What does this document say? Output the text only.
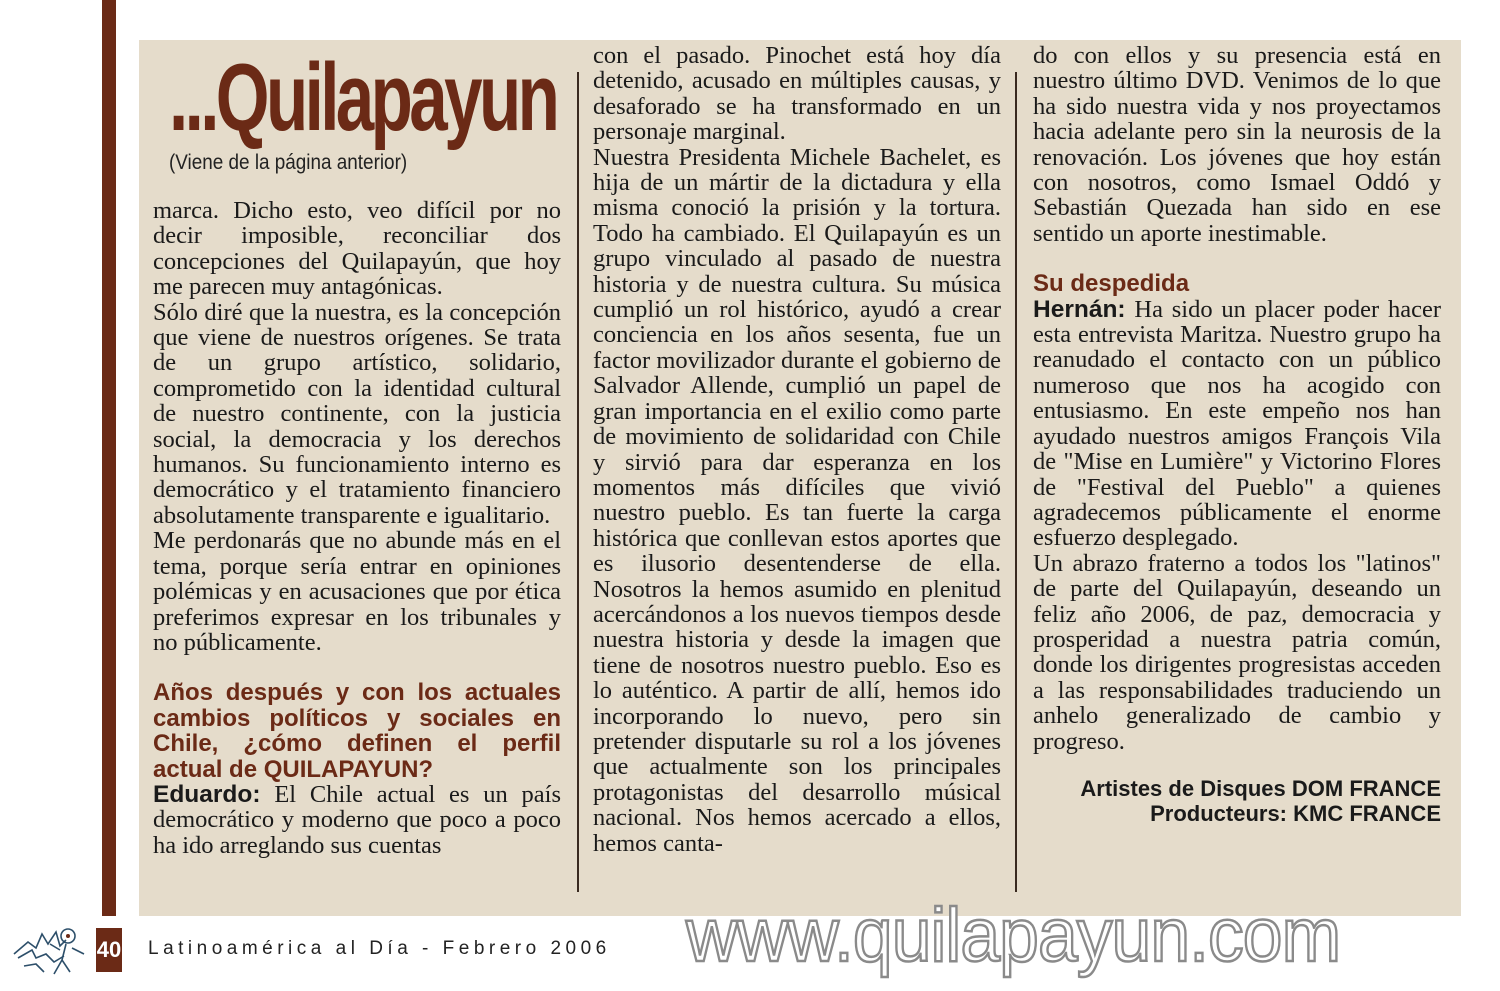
...Quilapayun
(Viene de la página anterior)

marca. Dicho esto, veo difícil por no decir imposible, reconciliar dos concepciones del Quilapayún, que hoy me parecen muy antagónicas.

Sólo diré que la nuestra, es la concepción que viene de nuestros orígenes. Se trata de un grupo artístico, solidario, comprometido con la identidad cultural de nuestro continente, con la justicia social, la democracia y los derechos humanos. Su funcionamiento interno es democrático y el tratamiento financiero absolutamente transparente e igualitario.

Me perdonarás que no abunde más en el tema, porque sería entrar en opiniones polémicas y en acusaciones que por ética preferimos expresar en los tribunales y no públicamente.

Años después y con los actuales cambios políticos y sociales en Chile, ¿cómo definen el perfil actual de QUILAPAYUN?

Eduardo: El Chile actual es un país democrático y moderno que poco a poco ha ido arreglando sus cuentas

con el pasado. Pinochet está hoy día detenido, acusado en múltiples causas, y desaforado se ha transformado en un personaje marginal.

Nuestra Presidenta Michele Bachelet, es hija de un mártir de la dictadura y ella misma conoció la prisión y la tortura. Todo ha cambiado. El Quilapayún es un grupo vinculado al pasado de nuestra historia y de nuestra cultura. Su música cumplió un rol histórico, ayudó a crear conciencia en los años sesenta, fue un factor movilizador durante el gobierno de Salvador Allende, cumplió un papel de gran importancia en el exilio como parte de movimiento de solidaridad con Chile y sirvió para dar esperanza en los momentos más difíciles que vivió nuestro pueblo. Es tan fuerte la carga histórica que conllevan estos aportes que es ilusorio desentenderse de ella. Nosotros la hemos asumido en plenitud acercándonos a los nuevos tiempos desde nuestra historia y desde la imagen que tiene de nosotros nuestro pueblo. Eso es lo auténtico. A partir de allí, hemos ido incorporando lo nuevo, pero sin pretender disputarle su rol a los jóvenes que actualmente son los principales protagonistas del desarrollo músical nacional. Nos hemos acercado a ellos, hemos canta-

do con ellos y su presencia está en nuestro último DVD. Venimos de lo que ha sido nuestra vida y nos proyectamos hacia adelante pero sin la neurosis de la renovación. Los jóvenes que hoy están con nosotros, como Ismael Oddó y Sebastián Quezada han sido en ese sentido un aporte inestimable.

Su despedida

Hernán: Ha sido un placer poder hacer esta entrevista Maritza. Nuestro grupo ha reanudado el contacto con un público numeroso que nos ha acogido con entusiasmo. En este empeño nos han ayudado nuestros amigos François Vila de "Mise en Lumière" y Victorino Flores de "Festival del Pueblo" a quienes agradecemos públicamente el enorme esfuerzo desplegado.

Un abrazo fraterno a todos los "latinos" de parte del Quilapayún, deseando un feliz año 2006, de paz, democracia y prosperidad a nuestra patria común, donde los dirigentes progresistas acceden a las responsabilidades traduciendo un anhelo generalizado de cambio y progreso.

Artistes de Disques DOM FRANCE

Producteurs: KMC FRANCE

40 Latinoamérica al Día - Febrero 2006 www.quilapayun.com
